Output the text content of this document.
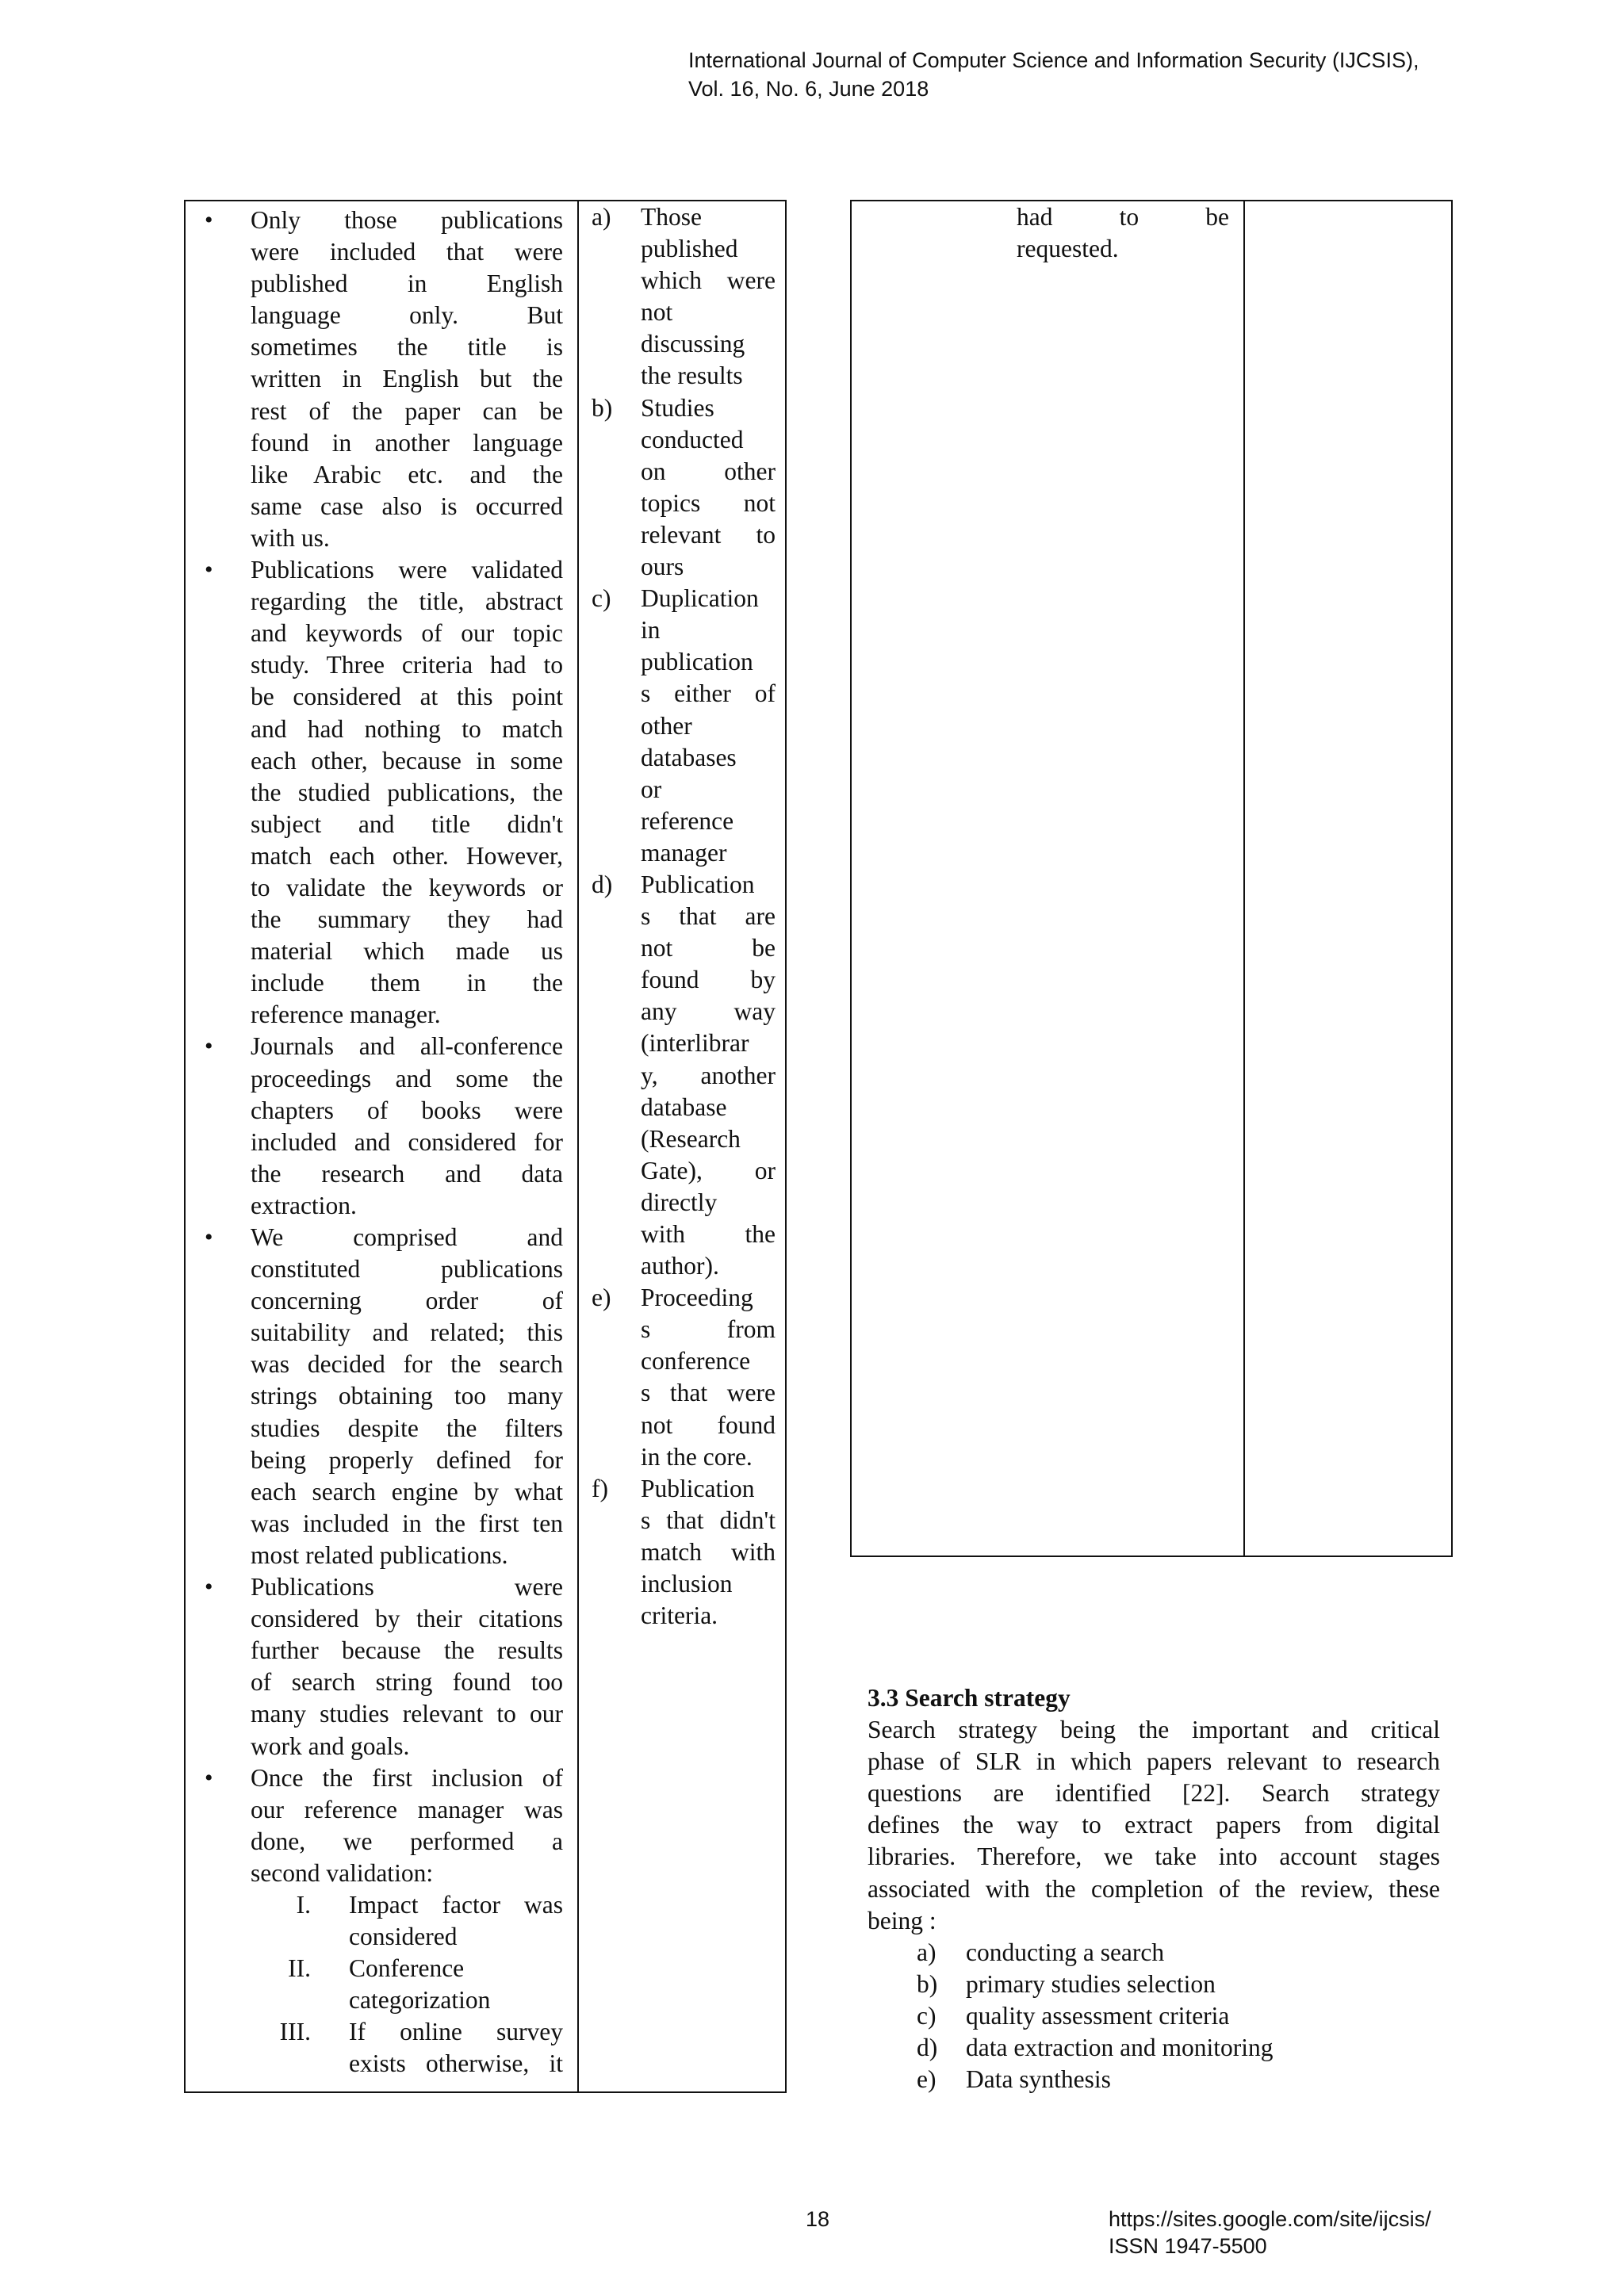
International Journal of Computer Science and Information Security (IJCSIS),
Vol. 16, No. 6, June 2018
• Only those publications
were included that were
published in English
language only. But
sometimes the title is
written in English but the
rest of the paper can be
found in another language
like Arabic etc. and the
same case also is occurred
with us.
• Publications were validated
regarding the title, abstract
and keywords of our topic
study. Three criteria had to
be considered at this point
and had nothing to match
each other, because in some
the studied publications, the
subject and title didn't
match each other. However,
to validate the keywords or
the summary they had
material which made us
include them in the
reference manager.
• Journals and all-conference
proceedings and some the
chapters of books were
included and considered for
the research and data
extraction.
• We comprised and
constituted publications
concerning order of
suitability and related; this
was decided for the search
strings obtaining too many
studies despite the filters
being properly defined for
each search engine by what
was included in the first ten
most related publications.
• Publications were
considered by their citations
further because the results
of search string found too
many studies relevant to our
work and goals.
• Once the first inclusion of
our reference manager was
done, we performed a
second validation:
I. Impact factor was
considered
II. Conference
categorization
III. If online survey
exists otherwise, it
a) Those
published
which were
not
discussing
the results
b) Studies
conducted
on other
topics not
relevant to
ours
c) Duplication
in
publication
s either of
other
databases
or
reference
manager
d) Publication
s that are
not be
found by
any way
(interlibrar
y, another
database
(Research
Gate), or
directly
with the
author).
e) Proceeding
s from
conference
s that were
not found
in the core.
f) Publication
s that didn't
match with
inclusion
criteria.
had to be
requested.
3.3 Search strategy
Search strategy being the important and critical
phase of SLR in which papers relevant to research
questions are identified [22]. Search strategy
defines the way to extract papers from digital
libraries. Therefore, we take into account stages
associated with the completion of the review, these
being :
a) conducting a search
b) primary studies selection
c) quality assessment criteria
d) data extraction and monitoring
e) Data synthesis
18	https://sites.google.com/site/ijcsis/
ISSN 1947-5500
